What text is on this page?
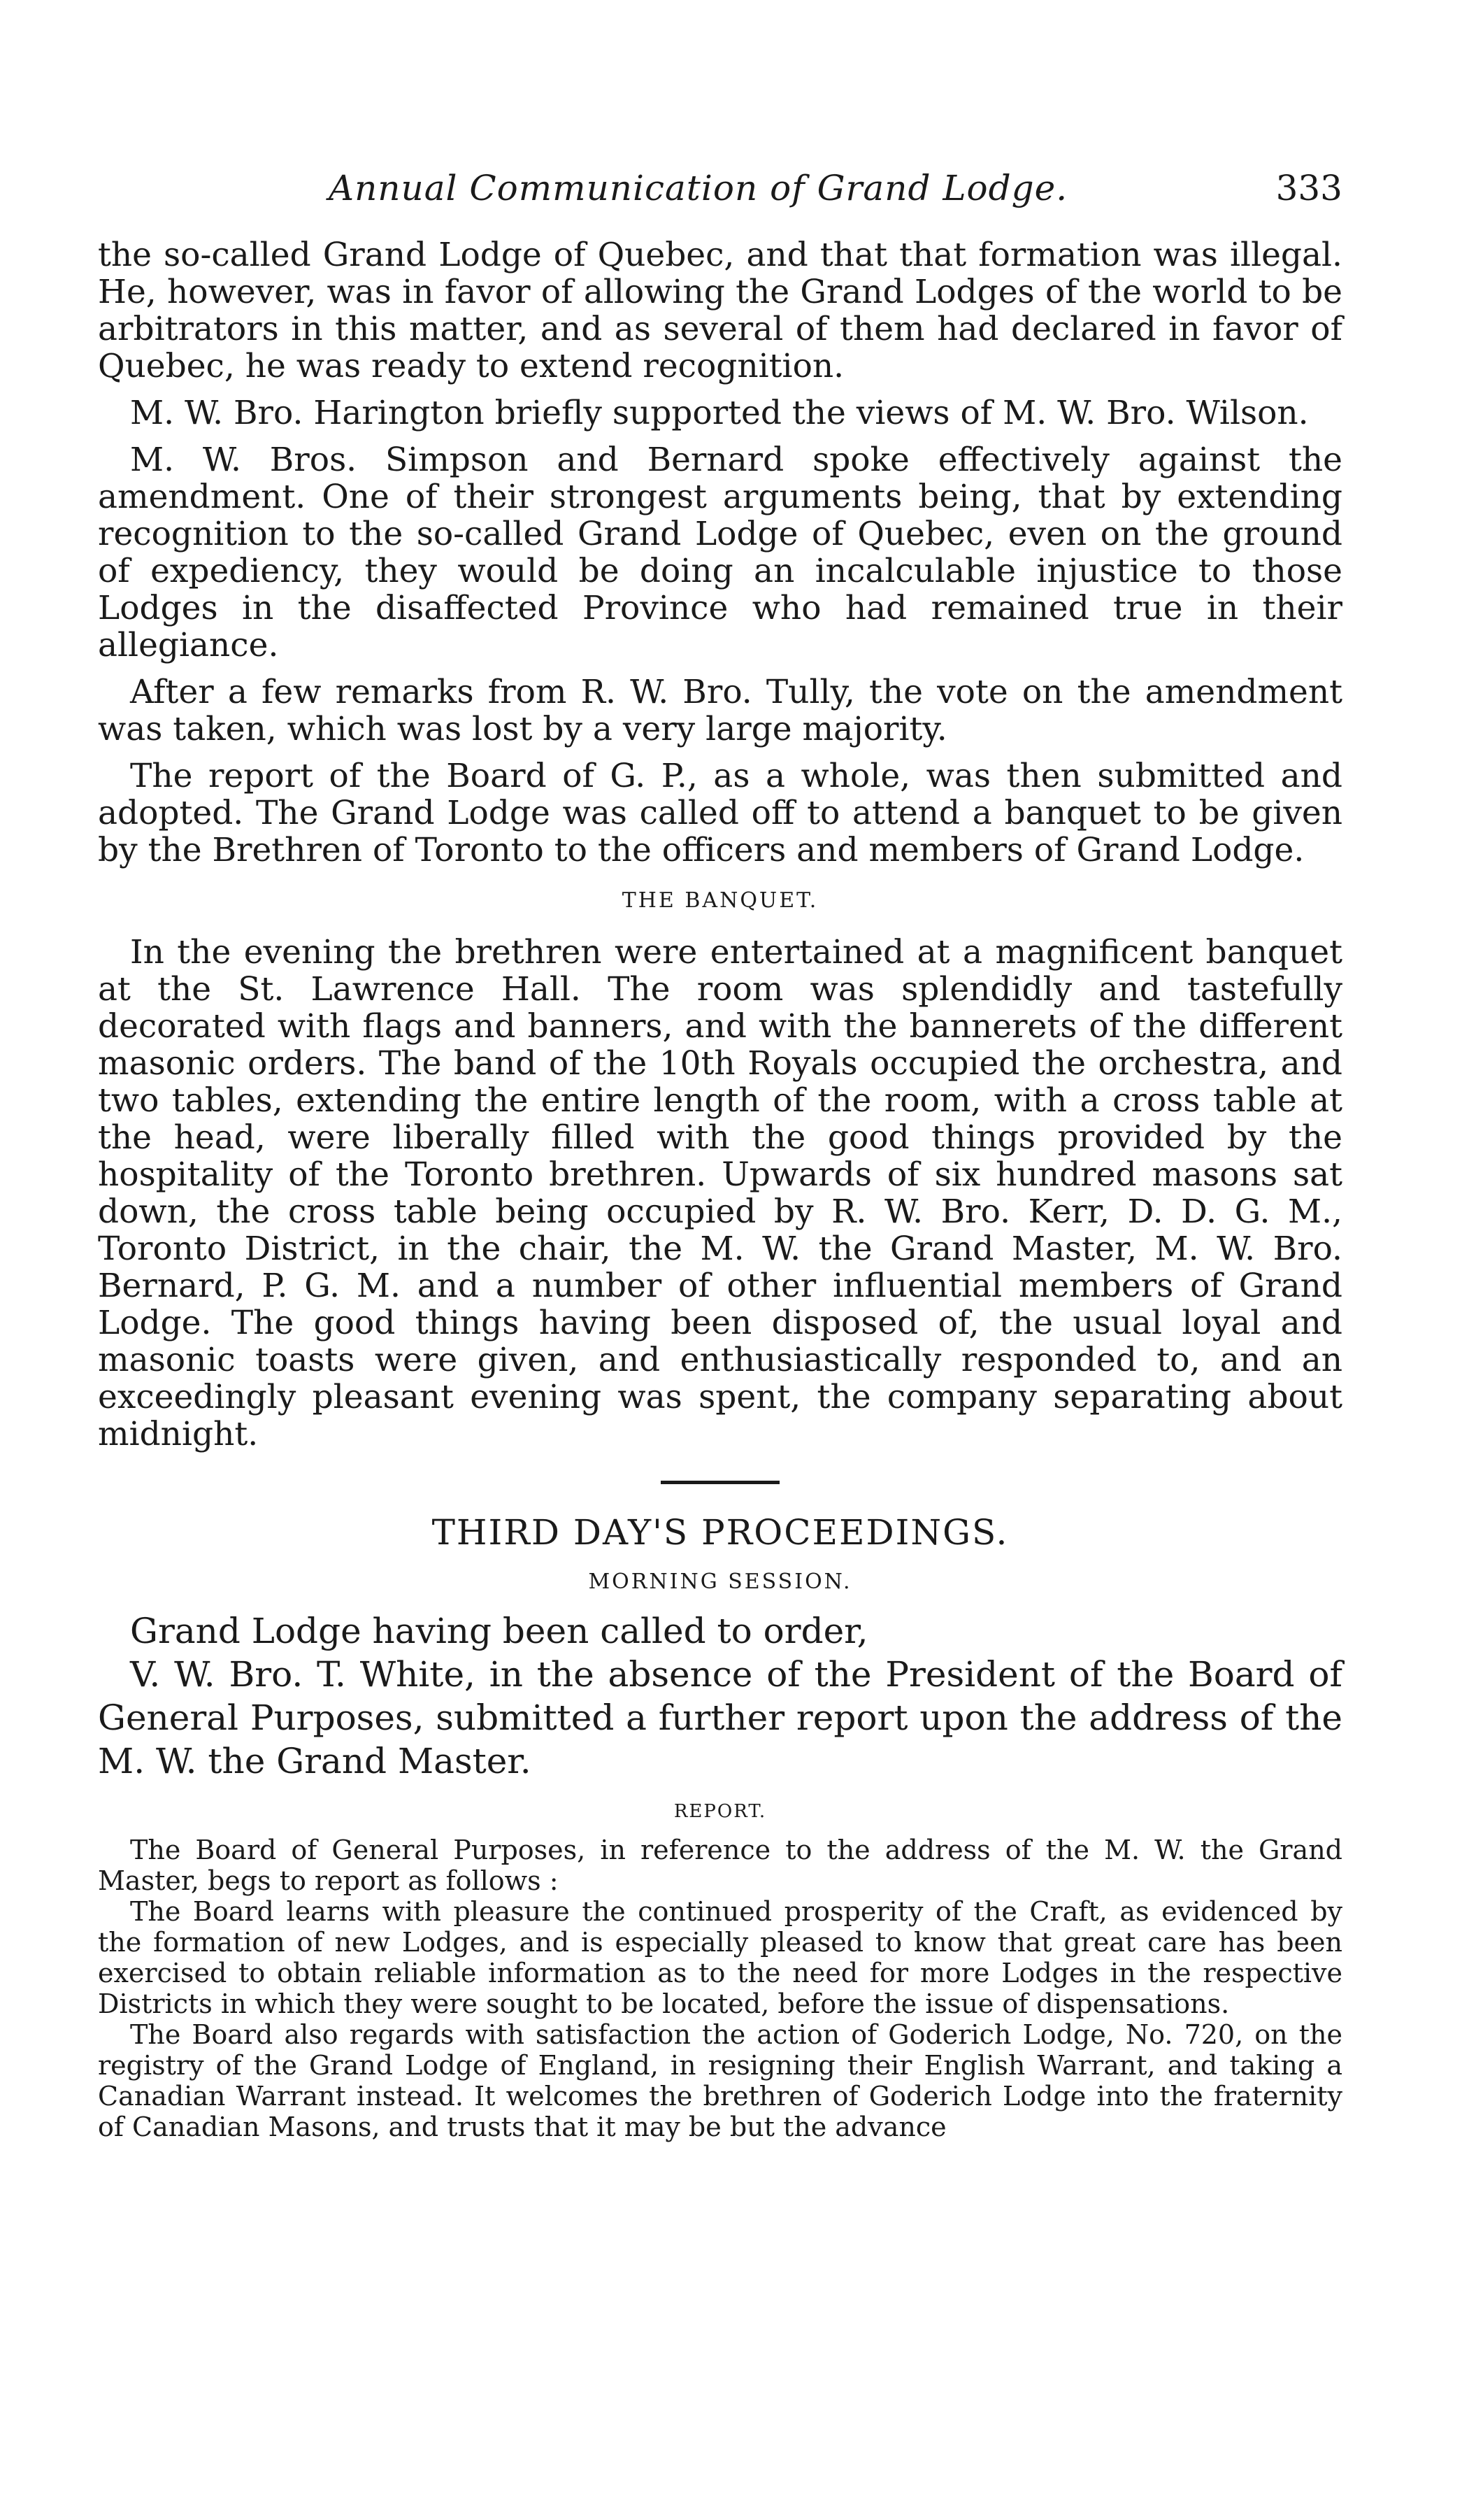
Annual Communication of Grand Lodge.	333

the so-called Grand Lodge of Quebec, and that that formation was illegal. He, however, was in favor of allowing the Grand Lodges of the world to be arbitrators in this matter, and as several of them had declared in favor of Quebec, he was ready to extend recognition.

M. W. Bro. Harington briefly supported the views of M. W. Bro. Wilson.

M. W. Bros. Simpson and Bernard spoke effectively against the amendment. One of their strongest arguments being, that by extending recognition to the so-called Grand Lodge of Quebec, even on the ground of expediency, they would be doing an incalculable injustice to those Lodges in the disaffected Province who had remained true in their allegiance.

After a few remarks from R. W. Bro. Tully, the vote on the amendment was taken, which was lost by a very large majority.

The report of the Board of G. P., as a whole, was then submitted and adopted. The Grand Lodge was called off to attend a banquet to be given by the Brethren of Toronto to the officers and members of Grand Lodge.

THE BANQUET.

In the evening the brethren were entertained at a magnificent banquet at the St. Lawrence Hall. The room was splendidly and tastefully decorated with flags and banners, and with the bannerets of the different masonic orders. The band of the 10th Royals occupied the orchestra, and two tables, extending the entire length of the room, with a cross table at the head, were liberally filled with the good things provided by the hospitality of the Toronto brethren. Upwards of six hundred masons sat down, the cross table being occupied by R. W. Bro. Kerr, D. D. G. M., Toronto District, in the chair, the M. W. the Grand Master, M. W. Bro. Bernard, P. G. M. and a number of other influential members of Grand Lodge. The good things having been disposed of, the usual loyal and masonic toasts were given, and enthusiastically responded to, and an exceedingly pleasant evening was spent, the company separating about midnight.

THIRD DAY'S PROCEEDINGS.
MORNING SESSION.

Grand Lodge having been called to order,

V. W. Bro. T. White, in the absence of the President of the Board of General Purposes, submitted a further report upon the address of the M. W. the Grand Master.

REPORT.

The Board of General Purposes, in reference to the address of the M. W. the Grand Master, begs to report as follows :

The Board learns with pleasure the continued prosperity of the Craft, as evidenced by the formation of new Lodges, and is especially pleased to know that great care has been exercised to obtain reliable information as to the need for more Lodges in the respective Districts in which they were sought to be located, before the issue of dispensations.

The Board also regards with satisfaction the action of Goderich Lodge, No. 720, on the registry of the Grand Lodge of England, in resigning their English Warrant, and taking a Canadian Warrant instead. It welcomes the brethren of Goderich Lodge into the fraternity of Canadian Masons, and trusts that it may be but the advance
